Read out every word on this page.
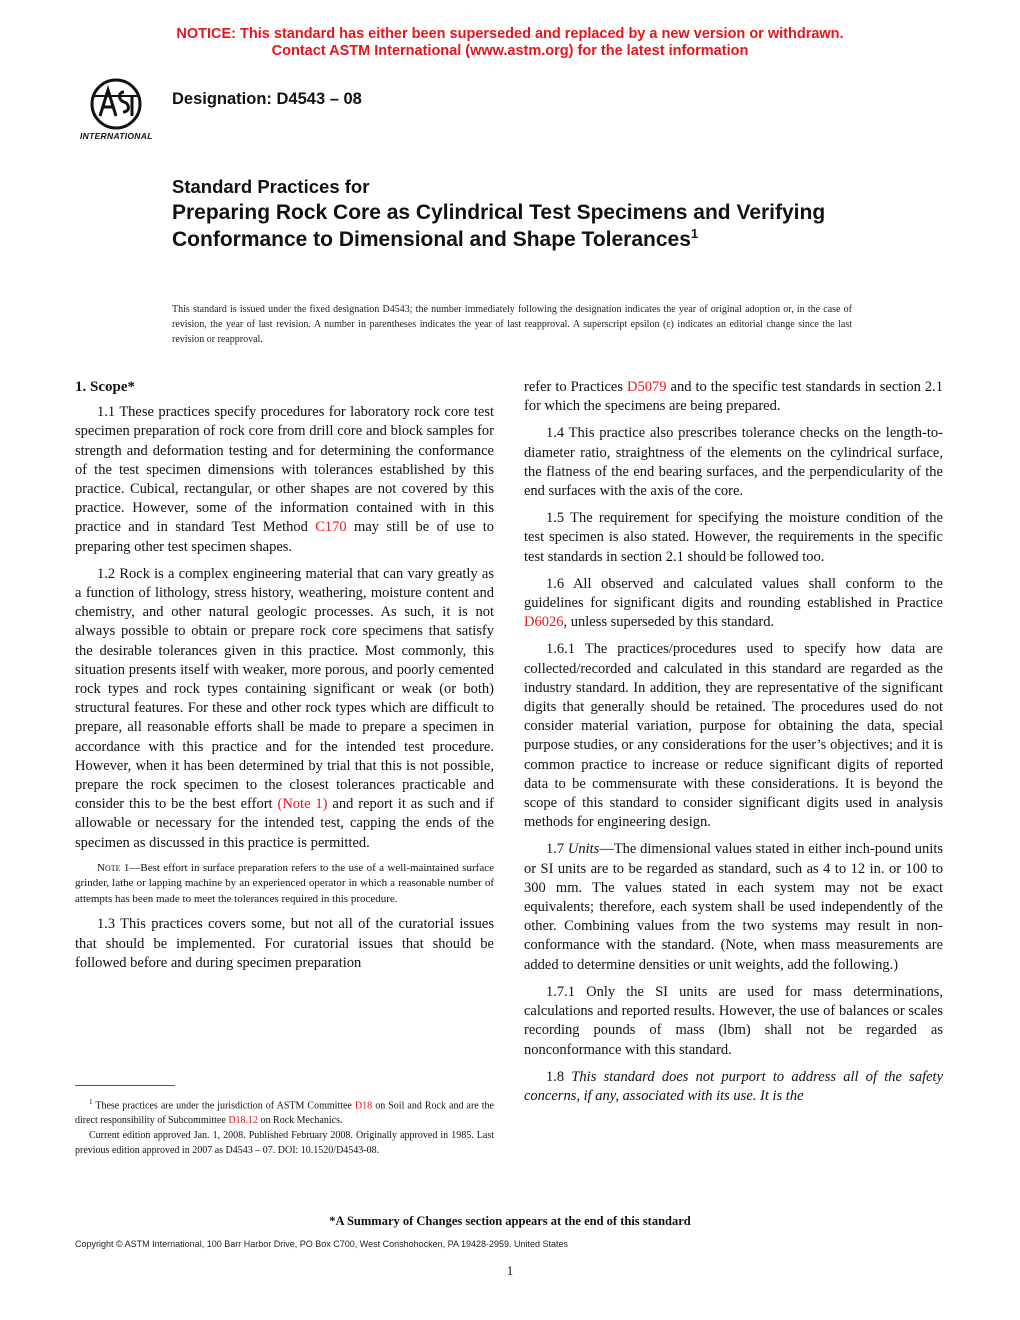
NOTICE: This standard has either been superseded and replaced by a new version or withdrawn.
Contact ASTM International (www.astm.org) for the latest information
INTERNATIONAL
Designation: D4543 – 08
Standard Practices for
Preparing Rock Core as Cylindrical Test Specimens and Verifying Conformance to Dimensional and Shape Tolerances$^1$
This standard is issued under the fixed designation D4543; the number immediately following the designation indicates the year of original adoption or, in the case of revision, the year of last revision. A number in parentheses indicates the year of last reapproval. A superscript epsilon (ε) indicates an editorial change since the last revision or reapproval.
1. Scope*

1.1 These practices specify procedures for laboratory rock core test specimen preparation of rock core from drill core and block samples for strength and deformation testing and for determining the conformance of the test specimen dimensions with tolerances established by this practice. Cubical, rectangular, or other shapes are not covered by this practice. However, some of the information contained with in this practice and in standard Test Method C170 may still be of use to preparing other test specimen shapes.

1.2 Rock is a complex engineering material that can vary greatly as a function of lithology, stress history, weathering, moisture content and chemistry, and other natural geologic processes. As such, it is not always possible to obtain or prepare rock core specimens that satisfy the desirable tolerances given in this practice. Most commonly, this situation presents itself with weaker, more porous, and poorly cemented rock types and rock types containing significant or weak (or both) structural features. For these and other rock types which are difficult to prepare, all reasonable efforts shall be made to prepare a specimen in accordance with this practice and for the intended test procedure. However, when it has been determined by trial that this is not possible, prepare the rock specimen to the closest tolerances practicable and consider this to be the best effort (Note 1) and report it as such and if allowable or necessary for the intended test, capping the ends of the specimen as discussed in this practice is permitted.

Note 1—Best effort in surface preparation refers to the use of a well-maintained surface grinder, lathe or lapping machine by an experienced operator in which a reasonable number of attempts has been made to meet the tolerances required in this procedure.

1.3 This practices covers some, but not all of the curatorial issues that should be implemented. For curatorial issues that should be followed before and during specimen preparation

refer to Practices D5079 and to the specific test standards in section 2.1 for which the specimens are being prepared.

1.4 This practice also prescribes tolerance checks on the length-to-diameter ratio, straightness of the elements on the cylindrical surface, the flatness of the end bearing surfaces, and the perpendicularity of the end surfaces with the axis of the core.

1.5 The requirement for specifying the moisture condition of the test specimen is also stated. However, the requirements in the specific test standards in section 2.1 should be followed too.

1.6 All observed and calculated values shall conform to the guidelines for significant digits and rounding established in Practice D6026, unless superseded by this standard.

1.6.1 The practices/procedures used to specify how data are collected/recorded and calculated in this standard are regarded as the industry standard. In addition, they are representative of the significant digits that generally should be retained. The procedures used do not consider material variation, purpose for obtaining the data, special purpose studies, or any considerations for the user’s objectives; and it is common practice to increase or reduce significant digits of reported data to be commensurate with these considerations. It is beyond the scope of this standard to consider significant digits used in analysis methods for engineering design.

1.7 Units—The dimensional values stated in either inch-pound units or SI units are to be regarded as standard, such as 4 to 12 in. or 100 to 300 mm. The values stated in each system may not be exact equivalents; therefore, each system shall be used independently of the other. Combining values from the two systems may result in non-conformance with the standard. (Note, when mass measurements are added to determine densities or unit weights, add the following.)

1.7.1 Only the SI units are used for mass determinations, calculations and reported results. However, the use of balances or scales recording pounds of mass (lbm) shall not be regarded as nonconformance with this standard.

1.8 This standard does not purport to address all of the safety concerns, if any, associated with its use. It is the

$^1$ These practices are under the jurisdiction of ASTM Committee D18 on Soil and Rock and are the direct responsibility of Subcommittee D18.12 on Rock Mechanics.

Current edition approved Jan. 1, 2008. Published February 2008. Originally approved in 1985. Last previous edition approved in 2007 as D4543 – 07. DOI: 10.1520/D4543-08.

*A Summary of Changes section appears at the end of this standard
Copyright © ASTM International, 100 Barr Harbor Drive, PO Box C700, West Conshohocken, PA 19428-2959. United States
1
